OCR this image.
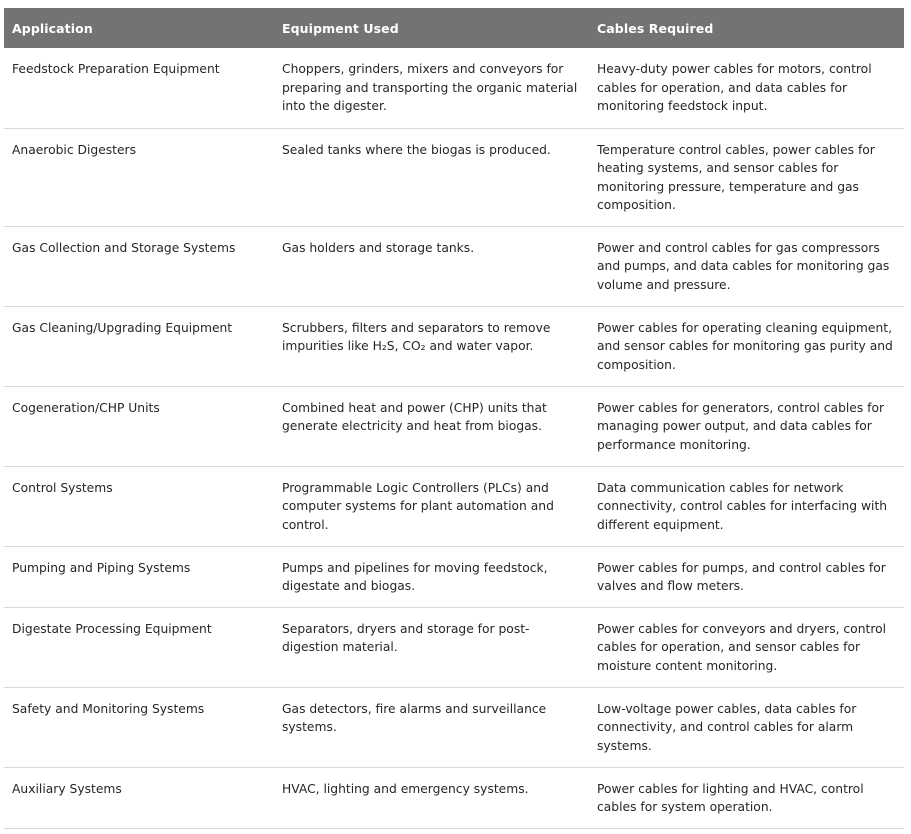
Application	Equipment Used	Cables Required

Feedstock Preparation Equipment	Choppers, grinders, mixers and conveyors for preparing and transporting the organic material into the digester.	Heavy-duty power cables for motors, control cables for operation, and data cables for monitoring feedstock input.

Anaerobic Digesters	Sealed tanks where the biogas is produced.	Temperature control cables, power cables for heating systems, and sensor cables for monitoring pressure, temperature and gas composition.

Gas Collection and Storage Systems	Gas holders and storage tanks.	Power and control cables for gas compressors and pumps, and data cables for monitoring gas volume and pressure.

Gas Cleaning/Upgrading Equipment	Scrubbers, filters and separators to remove impurities like H₂S, CO₂ and water vapor.	Power cables for operating cleaning equipment, and sensor cables for monitoring gas purity and composition.

Cogeneration/CHP Units	Combined heat and power (CHP) units that generate electricity and heat from biogas.	Power cables for generators, control cables for managing power output, and data cables for performance monitoring.

Control Systems	Programmable Logic Controllers (PLCs) and computer systems for plant automation and control.	Data communication cables for network connectivity, control cables for interfacing with different equipment.

Pumping and Piping Systems	Pumps and pipelines for moving feedstock, digestate and biogas.	Power cables for pumps, and control cables for valves and flow meters.

Digestate Processing Equipment	Separators, dryers and storage for post-digestion material.	Power cables for conveyors and dryers, control cables for operation, and sensor cables for moisture content monitoring.

Safety and Monitoring Systems	Gas detectors, fire alarms and surveillance systems.	Low-voltage power cables, data cables for connectivity, and control cables for alarm systems.

Auxiliary Systems	HVAC, lighting and emergency systems.	Power cables for lighting and HVAC, control cables for system operation.
